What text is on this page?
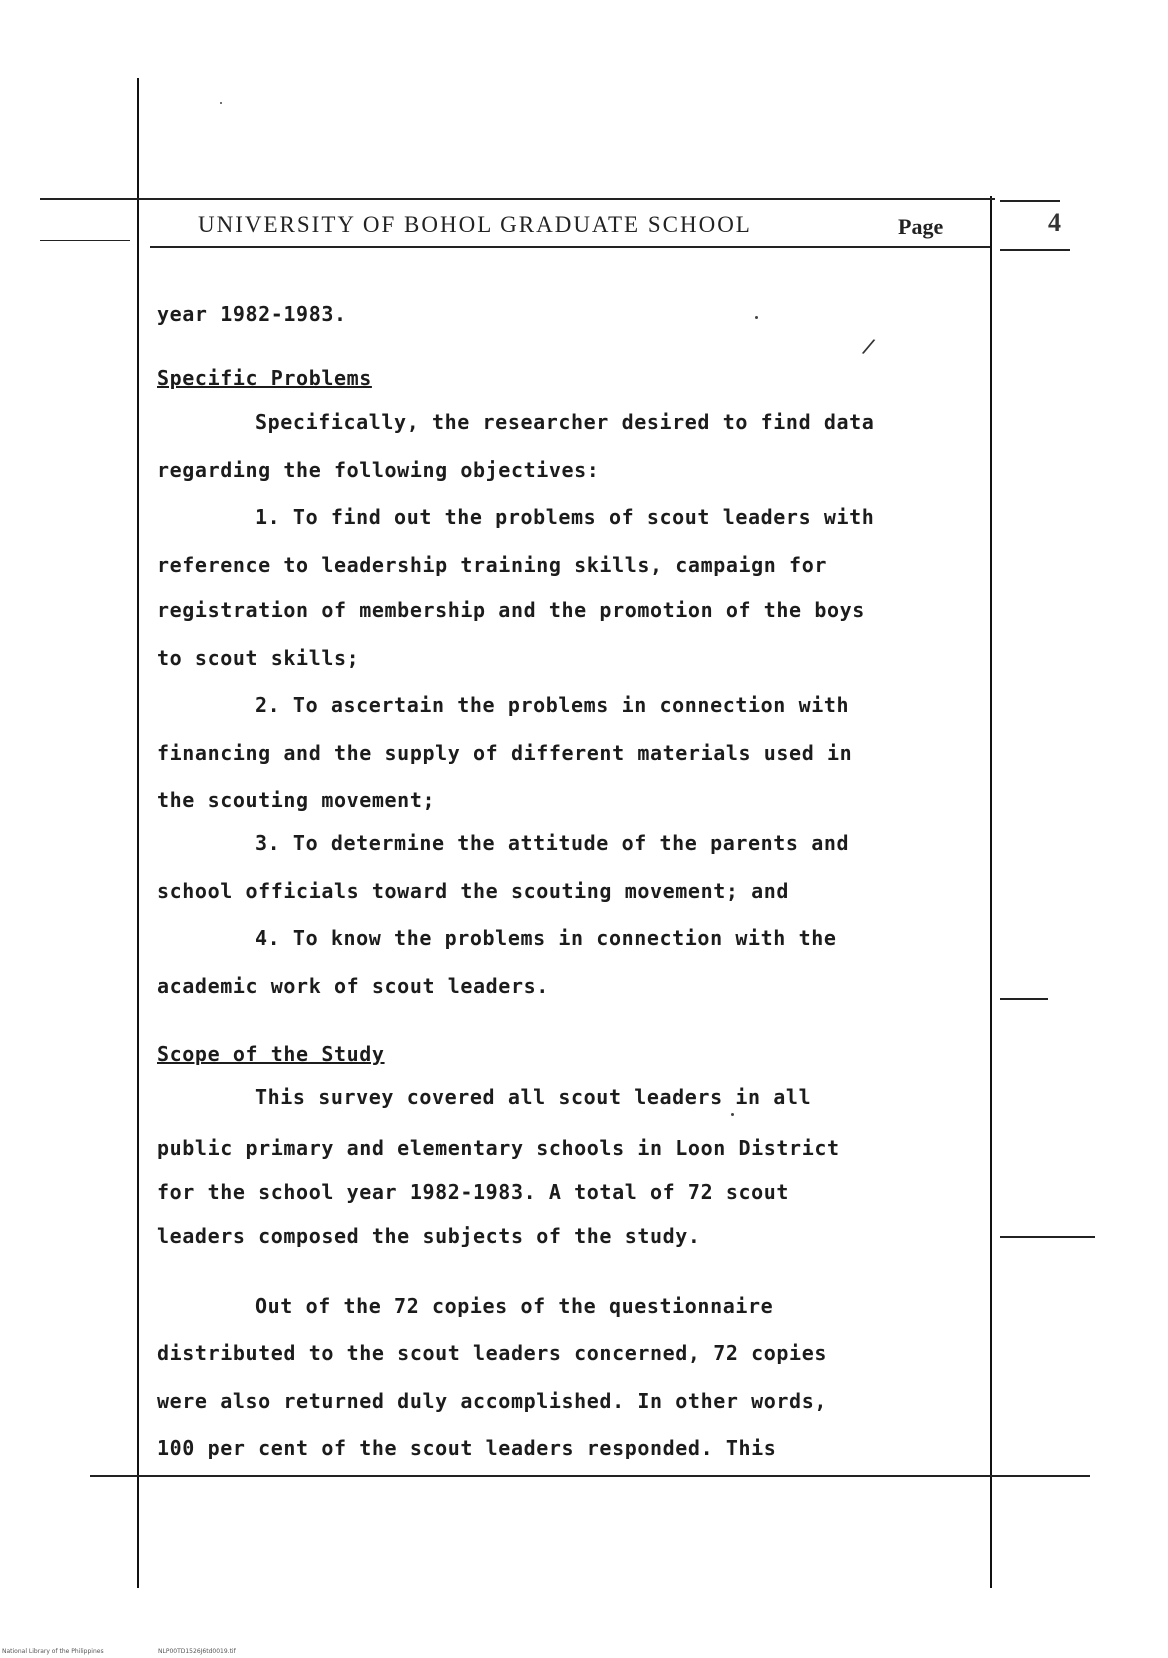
UNIVERSITY OF BOHOL GRADUATE SCHOOL	Page	4
/
year 1982-1983.
Specific Problems
Specifically, the researcher desired to find data
regarding the following objectives:
1. To find out the problems of scout leaders with
reference to leadership training skills, campaign for
registration of membership and the promotion of the boys
to scout skills;
2. To ascertain the problems in connection with
financing and the supply of different materials used in
the scouting movement;
3. To determine the attitude of the parents and
school officials toward the scouting movement; and
4. To know the problems in connection with the
academic work of scout leaders.
Scope of the Study
This survey covered all scout leaders in all
public primary and elementary schools in Loon District
for the school year 1982-1983. A total of 72 scout
leaders composed the subjects of the study.
Out of the 72 copies of the questionnaire
distributed to the scout leaders concerned, 72 copies
were also returned duly accomplished. In other words,
100 per cent of the scout leaders responded. This
National Library of the Philippines	NLP00TD1526J6td0019.tif
